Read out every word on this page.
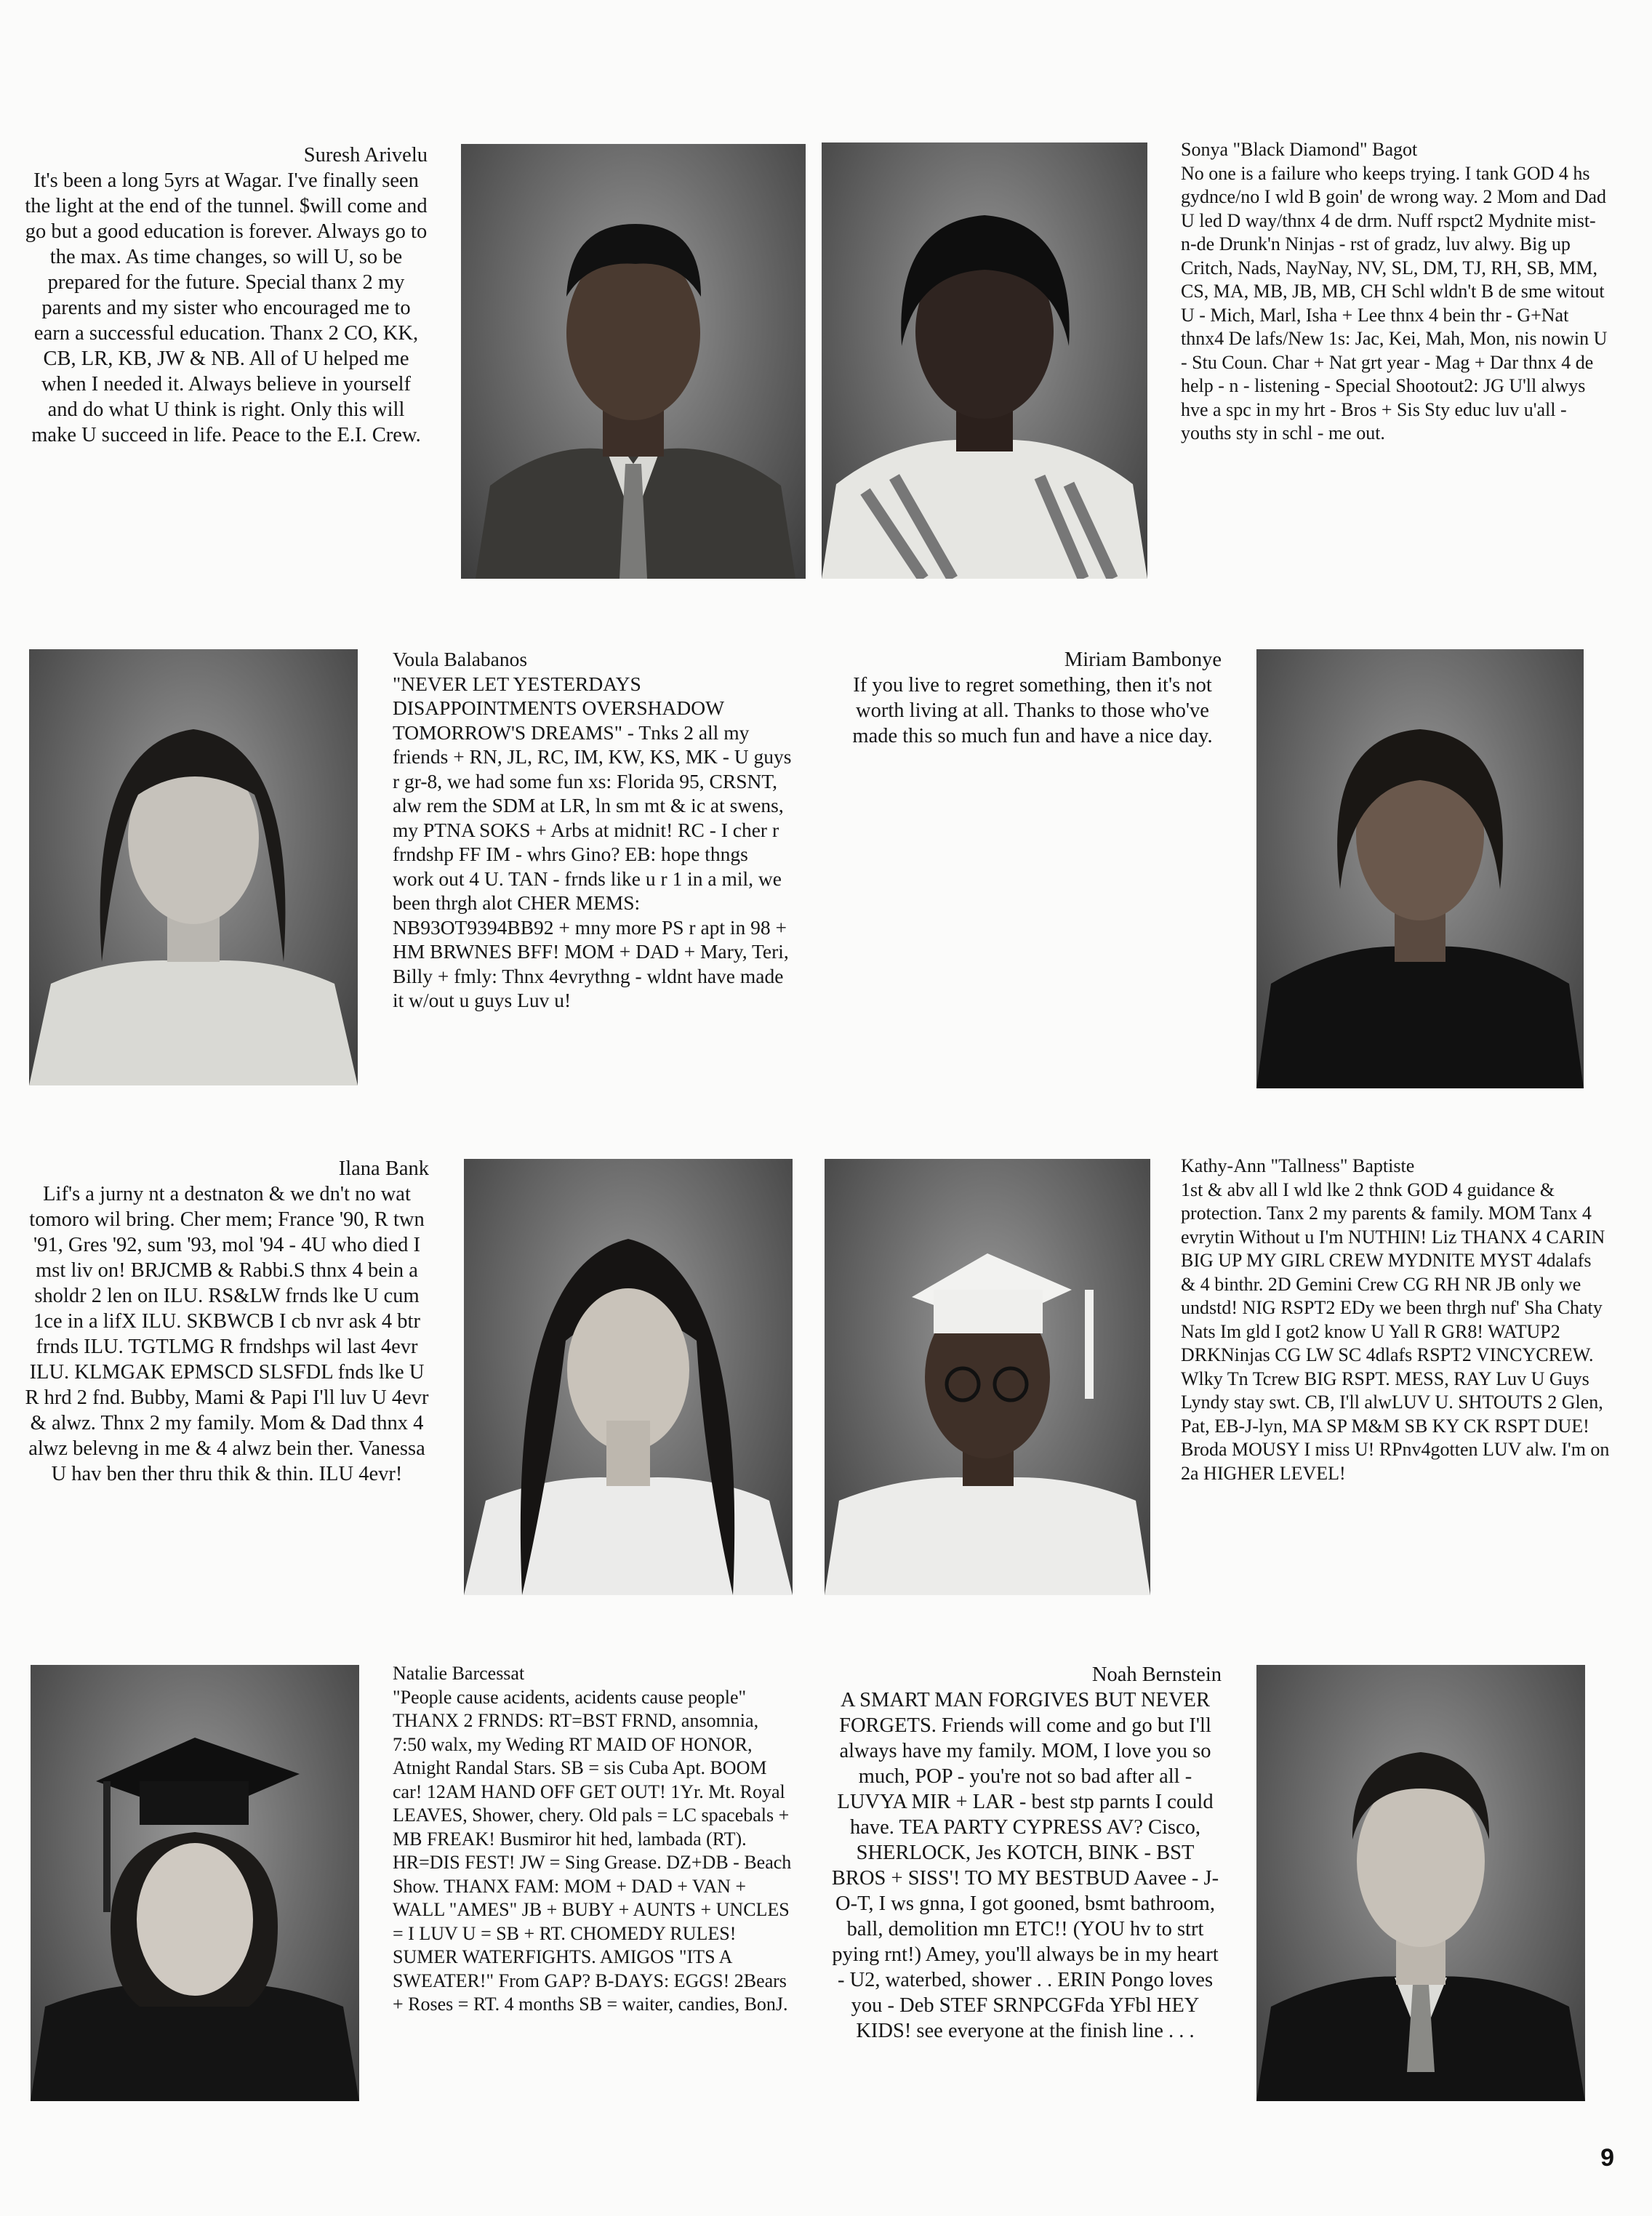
Suresh Arivelu

It's been a long 5yrs at Wagar. I've finally seen the light at the end of the tunnel. $will come and go but a good education is forever. Always go to the max. As time changes, so will U, so be prepared for the future. Special thanx 2 my parents and my sister who encouraged me to earn a successful education. Thanx 2 CO, KK, CB, LR, KB, JW & NB. All of U helped me when I needed it. Always believe in yourself and do what U think is right. Only this will make U succeed in life. Peace to the E.I. Crew.

Sonya "Black Diamond" Bagot

No one is a failure who keeps trying. I tank GOD 4 hs gydnce/no I wld B goin' de wrong way. 2 Mom and Dad U led D way/thnx 4 de drm. Nuff rspct2 Mydnite mist-n-de Drunk'n Ninjas - rst of gradz, luv alwy. Big up Critch, Nads, NayNay, NV, SL, DM, TJ, RH, SB, MM, CS, MA, MB, JB, MB, CH Schl wldn't B de sme witout U - Mich, Marl, Isha + Lee thnx 4 bein thr - G+Nat thnx4 De lafs/New 1s: Jac, Kei, Mah, Mon, nis nowin U - Stu Coun. Char + Nat grt year - Mag + Dar thnx 4 de help - n - listening - Special Shootout2: JG U'll alwys hve a spc in my hrt - Bros + Sis Sty educ luv u'all - youths sty in schl - me out.

Voula Balabanos

"NEVER LET YESTERDAYS DISAPPOINTMENTS OVERSHADOW TOMORROW'S DREAMS" - Tnks 2 all my friends + RN, JL, RC, IM, KW, KS, MK - U guys r gr-8, we had some fun xs: Florida 95, CRSNT, alw rem the SDM at LR, ln sm mt & ic at swens, my PTNA SOKS + Arbs at midnit! RC - I cher r frndshp FF IM - whrs Gino? EB: hope thngs work out 4 U. TAN - frnds like u r 1 in a mil, we been thrgh alot CHER MEMS: NB93OT9394BB92 + mny more PS r apt in 98 + HM BRWNES BFF! MOM + DAD + Mary, Teri, Billy + fmly: Thnx 4evrythng - wldnt have made it w/out u guys Luv u!

Miriam Bambonye

If you live to regret something, then it's not worth living at all. Thanks to those who've made this so much fun and have a nice day.

Ilana Bank

Lif's a jurny nt a destnaton & we dn't no wat tomoro wil bring. Cher mem; France '90, R twn '91, Gres '92, sum '93, mol '94 - 4U who died I mst liv on! BRJCMB & Rabbi.S thnx 4 bein a sholdr 2 len on ILU. RS&LW frnds lke U cum 1ce in a lifX ILU. SKBWCB I cb nvr ask 4 btr frnds ILU. TGTLMG R frndshps wil last 4evr ILU. KLMGAK EPMSCD SLSFDL fnds lke U R hrd 2 fnd. Bubby, Mami & Papi I'll luv U 4evr & alwz. Thnx 2 my family. Mom & Dad thnx 4 alwz belevng in me & 4 alwz bein ther. Vanessa U hav ben ther thru thik & thin. ILU 4evr!

Kathy-Ann "Tallness" Baptiste

1st & abv all I wld lke 2 thnk GOD 4 guidance & protection. Tanx 2 my parents & family. MOM Tanx 4 evrytin Without u I'm NUTHIN! Liz THANX 4 CARIN BIG UP MY GIRL CREW MYDNITE MYST 4dalafs & 4 binthr. 2D Gemini Crew CG RH NR JB only we undstd! NIG RSPT2 EDy we been thrgh nuf' Sha Chaty Nats Im gld I got2 know U Yall R GR8! WATUP2 DRKNinjas CG LW SC 4dlafs RSPT2 VINCYCREW. Wlky Tn Tcrew BIG RSPT. MESS, RAY Luv U Guys Lyndy stay swt. CB, I'll alwLUV U. SHTOUTS 2 Glen, Pat, EB-J-lyn, MA SP M&M SB KY CK RSPT DUE! Broda MOUSY I miss U! RPnv4gotten LUV alw. I'm on 2a HIGHER LEVEL!

Natalie Barcessat

"People cause acidents, acidents cause people" THANX 2 FRNDS: RT=BST FRND, ansomnia, 7:50 walx, my Weding RT MAID OF HONOR, Atnight Randal Stars. SB = sis Cuba Apt. BOOM car! 12AM HAND OFF GET OUT! 1Yr. Mt. Royal LEAVES, Shower, chery. Old pals = LC spacebals + MB FREAK! Busmiror hit hed, lambada (RT). HR=DIS FEST! JW = Sing Grease. DZ+DB - Beach Show. THANX FAM: MOM + DAD + VAN + WALL "AMES" JB + BUBY + AUNTS + UNCLES = I LUV U = SB + RT. CHOMEDY RULES! SUMER WATERFIGHTS. AMIGOS "ITS A SWEATER!" From GAP? B-DAYS: EGGS! 2Bears + Roses = RT. 4 months SB = waiter, candies, BonJ.

Noah Bernstein

A SMART MAN FORGIVES BUT NEVER FORGETS. Friends will come and go but I'll always have my family. MOM, I love you so much, POP - you're not so bad after all - LUVYA MIR + LAR - best stp parnts I could have. TEA PARTY CYPRESS AV? Cisco, SHERLOCK, Jes KOTCH, BINK - BST BROS + SISS'! TO MY BESTBUD Aavee - J-O-T, I ws gnna, I got gooned, bsmt bathroom, ball, demolition mn ETC!! (YOU hv to strt pying rnt!) Amey, you'll always be in my heart - U2, waterbed, shower . . ERIN Pongo loves you - Deb STEF SRNPCGFda YFbl HEY KIDS! see everyone at the finish line . . .

9
